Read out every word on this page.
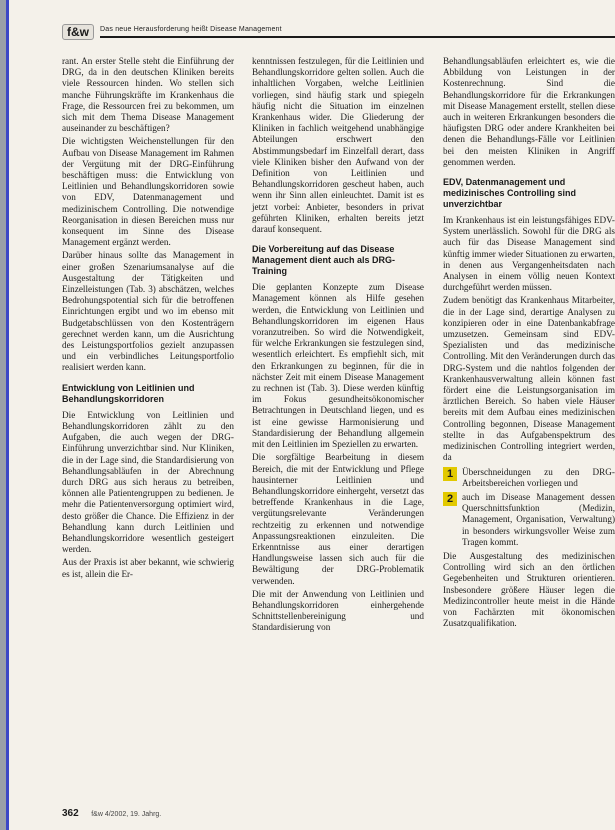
f&w	Das neue Herausforderung heißt Disease Management

rant. An erster Stelle steht die Einführung der DRG, da in den deutschen Kliniken bereits viele Ressourcen hinden. Wo stellen sich manche Führungskräfte im Krankenhaus die Frage, die Ressourcen frei zu bekommen, um sich mit dem Thema Disease Management auseinander zu beschäftigen?

Die wichtigsten Weichenstellungen für den Aufbau von Disease Management im Rahmen der Vergütung mit der DRG-Einführung beschäftigen muss: die Entwicklung von Leitlinien und Behandlungskorridoren sowie von EDV, Datenmanagement und medizinischem Controlling. Die notwendige Reorganisation in diesen Bereichen muss nur konsequent im Sinne des Disease Management ergänzt werden.

Darüber hinaus sollte das Management in einer großen Szenariumsanalyse auf die Ausgestaltung der Tätigkeiten und Einzelleistungen (Tab. 3) abschätzen, welches Bedrohungspotential sich für die betroffenen Einrichtungen ergibt und wo im ebenso mit Budgetabschlüssen von den Kostenträgern gerechnet werden kann, um die Ausrichtung des Leistungsportfolios gezielt anzupassen und ein verbindliches Leitungsportfolio realisiert werden kann.

Entwicklung von Leitlinien und Behandlungskorridoren

Die Entwicklung von Leitlinien und Behandlungskorridoren zählt zu den Aufgaben, die auch wegen der DRG-Einführung unverzichtbar sind. Nur Kliniken, die in der Lage sind, die Standardisierung von Behandlungsabläufen in der Abrechnung durch DRG aus sich heraus zu betreiben, können alle Patientengruppen zu bedienen. Je mehr die Patientenversorgung optimiert wird, desto größer die Chance. Die Effizienz in der Behandlung kann durch Leitlinien und Behandlungskorridore wesentlich gesteigert werden.

Aus der Praxis ist aber bekannt, wie schwierig es ist, allein die Er-

kenntnissen festzulegen, für die Leitlinien und Behandlungskorridore gelten sollen. Auch die inhaltlichen Vorgaben, welche Leitlinien vorliegen, sind häufig stark und spiegeln häufig nicht die Situation im einzelnen Krankenhaus wider. Die Gliederung der Kliniken in fachlich weitgehend unabhängige Abteilungen erschwert den Abstimmungsbedarf im Einzelfall derart, dass viele Kliniken bisher den Aufwand von der Definition von Leitlinien und Behandlungskorridoren gescheut haben, auch wenn ihr Sinn allen einleuchtet. Damit ist es jetzt vorbei: Anbieter, besonders in privat geführten Kliniken, erhalten bereits jetzt darauf konsequent.

Die Vorbereitung auf das Disease Management dient auch als DRG-Training

Die geplanten Konzepte zum Disease Management können als Hilfe gesehen werden, die Entwicklung von Leitlinien und Behandlungskorridoren im eigenen Haus voranzutreiben. So wird die Notwendigkeit, für welche Erkrankungen sie festzulegen sind, wesentlich erleichtert. Es empfiehlt sich, mit den Erkrankungen zu beginnen, für die in nächster Zeit mit einem Disease Management zu rechnen ist (Tab. 3). Diese werden künftig im Fokus gesundheitsökonomischer Betrachtungen in Deutschland liegen, und es ist eine gewisse Harmonisierung und Standardisierung der Behandlung allgemein mit den Leitlinien im Speziellen zu erwarten.

Die sorgfältige Bearbeitung in diesem Bereich, die mit der Entwicklung und Pflege hausinterner Leitlinien und Behandlungskorridore einhergeht, versetzt das betreffende Krankenhaus in die Lage, vergütungsrelevante Veränderungen rechtzeitig zu erkennen und notwendige Anpassungsreaktionen einzuleiten. Die Erkenntnisse aus einer derartigen Handlungsweise lassen sich auch für die Bewältigung der DRG-Problematik verwenden.

Die mit der Anwendung von Leitlinien und Behandlungskorridoren einhergehende Schnittstellenbereinigung und Standardisierung von

Behandlungsabläufen erleichtert es, wie die Abbildung von Leistungen in der Kostenrechnung. Sind die Behandlungskorridore für die Erkrankungen mit Disease Management erstellt, stellen diese auch in weiteren Erkrankungen besonders die häufigsten DRG oder andere Krankheiten bei denen die Behandlungs-Fälle vor Leitlinien bei den meisten Kliniken in Angriff genommen werden.

EDV, Datenmanagement und medizinisches Controlling sind unverzichtbar

Im Krankenhaus ist ein leistungsfähiges EDV-System unerlässlich. Sowohl für die DRG als auch für das Disease Management sind künftig immer wieder Situationen zu erwarten, in denen aus Vergangenheitsdaten nach Analysen in einem völlig neuen Kontext durchgeführt werden müssen.

Zudem benötigt das Krankenhaus Mitarbeiter, die in der Lage sind, derartige Analysen zu konzipieren oder in eine Datenbankabfrage umzusetzen. Gemeinsam sind EDV-Spezialisten und das medizinische Controlling. Mit den Veränderungen durch das DRG-System und die nahtlos folgenden der Krankenhausverwaltung allein können fast fördert eine die Leistungsorganisation im ärztlichen Bereich. So haben viele Häuser bereits mit dem Aufbau eines medizinischen Controlling begonnen, Disease Management stellte in das Aufgabenspektrum des medizinischen Controlling integriert werden, da

1 Überschneidungen zu den DRG-Arbeitsbereichen vorliegen und
2 auch im Disease Management dessen Querschnittsfunktion (Medizin, Management, Organisation, Verwaltung) in besonders wirkungsvoller Weise zum Tragen kommt.

Die Ausgestaltung des medizinischen Controlling wird sich an den örtlichen Gegebenheiten und Strukturen orientieren. Insbesondere größere Häuser legen die Medizincontroller heute meist in die Hände von Fachärzten mit ökonomischen Zusatzqualifikation.

362 f&w 4/2002, 19. Jahrg.
